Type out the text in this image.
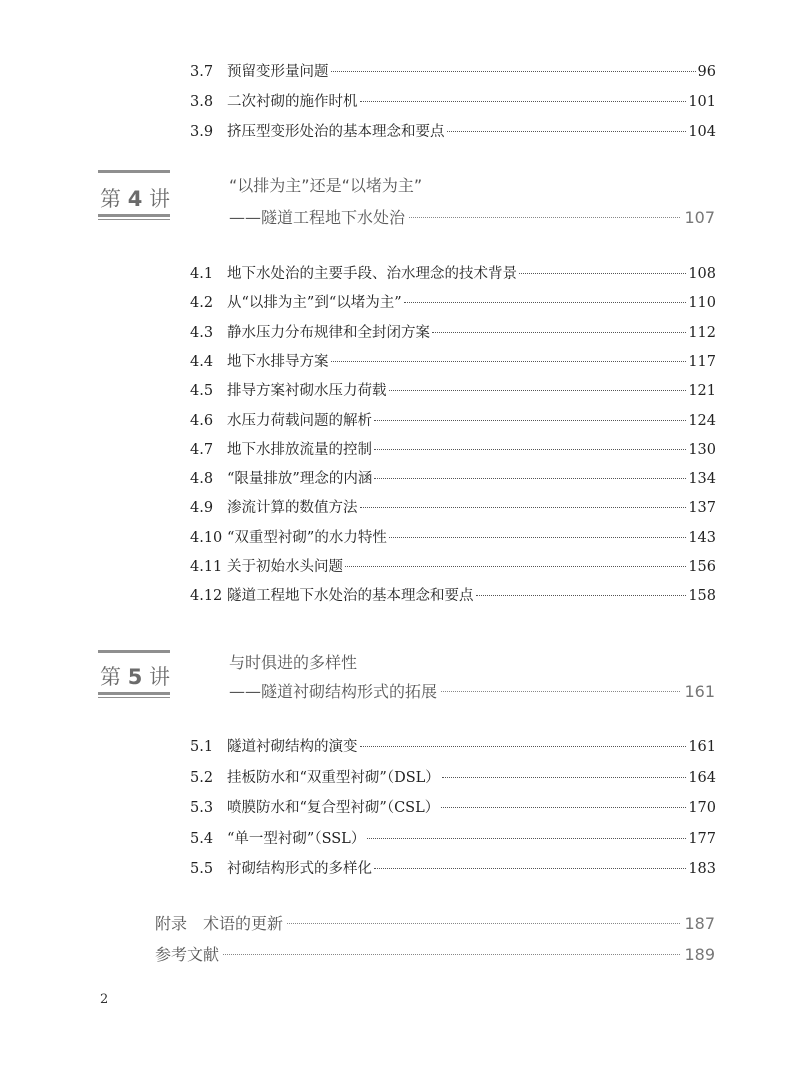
3.7 预留变形量问题	96
3.8 二次衬砌的施作时机	101
3.9 挤压型变形处治的基本理念和要点	104
第 4 讲
“以排为主”还是“以堵为主”
——隧道工程地下水处治	107
4.1 地下水处治的主要手段、治水理念的技术背景	108
4.2 从“以排为主”到“以堵为主”	110
4.3 静水压力分布规律和全封闭方案	112
4.4 地下水排导方案	117
4.5 排导方案衬砌水压力荷载	121
4.6 水压力荷载问题的解析	124
4.7 地下水排放流量的控制	130
4.8 “限量排放”理念的内涵	134
4.9 渗流计算的数值方法	137
4.10 “双重型衬砌”的水力特性	143
4.11 关于初始水头问题	156
4.12 隧道工程地下水处治的基本理念和要点	158
第 5 讲
与时俱进的多样性
——隧道衬砌结构形式的拓展	161
5.1 隧道衬砌结构的演变	161
5.2 挂板防水和“双重型衬砌”（DSL）	164
5.3 喷膜防水和“复合型衬砌”（CSL）	170
5.4 “单一型衬砌”（SSL）	177
5.5 衬砌结构形式的多样化	183
附录　术语的更新	187
参考文献	189
2
